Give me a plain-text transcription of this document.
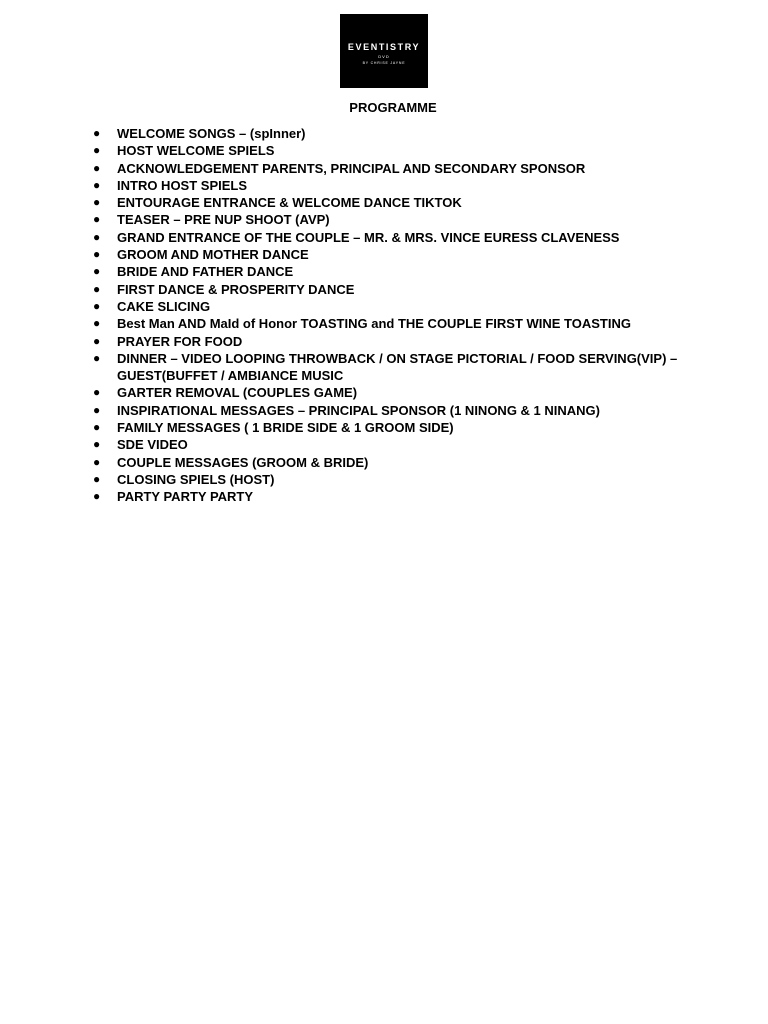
EVENTISTRY
DVD
BY CHRISE JAYNE
PROGRAMME
● WELCOME SONGS – (spInner)
● HOST WELCOME SPIELS
● ACKNOWLEDGEMENT PARENTS, PRINCIPAL AND SECONDARY SPONSOR
● INTRO HOST SPIELS
● ENTOURAGE ENTRANCE & WELCOME DANCE TIKTOK
● TEASER – PRE NUP SHOOT (AVP)
● GRAND ENTRANCE OF THE COUPLE – MR. & MRS. VINCE EURESS CLAVENESS
● GROOM AND MOTHER DANCE
● BRIDE AND FATHER DANCE
● FIRST DANCE & PROSPERITY DANCE
● CAKE SLICING
● Best Man AND MaId of Honor TOASTING and THE COUPLE FIRST WINE TOASTING
● PRAYER FOR FOOD
● DINNER – VIDEO LOOPING THROWBACK / ON STAGE PICTORIAL / FOOD SERVING(VIP) – GUEST(BUFFET / AMBIANCE MUSIC
● GARTER REMOVAL (COUPLES GAME)
● INSPIRATIONAL MESSAGES – PRINCIPAL SPONSOR (1 NINONG & 1 NINANG)
● FAMILY MESSAGES ( 1 BRIDE SIDE & 1 GROOM SIDE)
● SDE VIDEO
● COUPLE MESSAGES (GROOM & BRIDE)
● CLOSING SPIELS (HOST)
● PARTY PARTY PARTY
